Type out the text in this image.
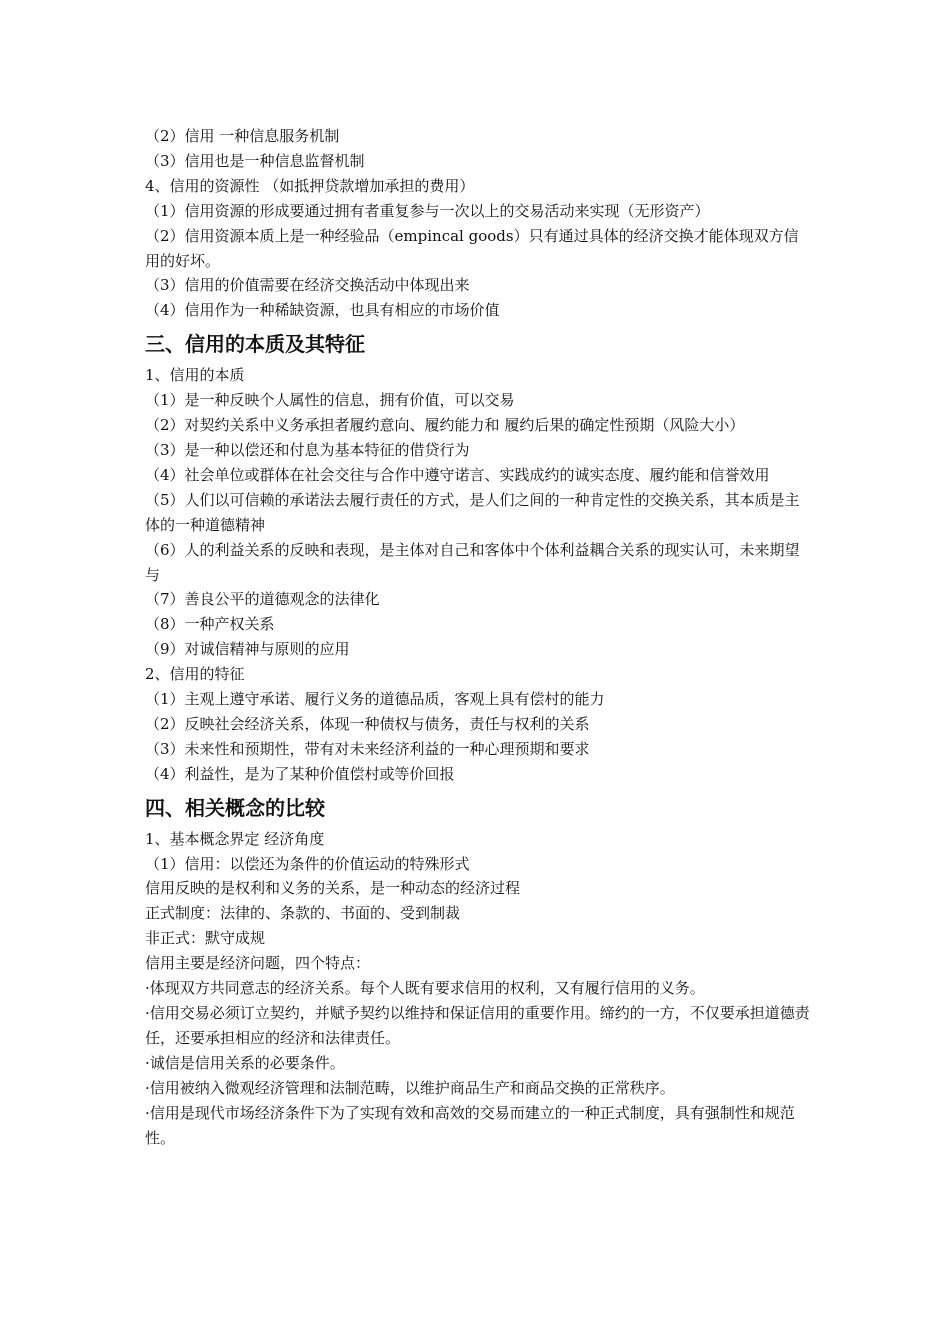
（2）信用 一种信息服务机制

（3）信用也是一种信息监督机制

4、信用的资源性 （如抵押贷款增加承担的费用）

（1）信用资源的形成要通过拥有者重复参与一次以上的交易活动来实现（无形资产）

（2）信用资源本质上是一种经验品（empincal goods）只有通过具体的经济交换才能体现双方信用的好坏。

（3）信用的价值需要在经济交换活动中体现出来

（4）信用作为一种稀缺资源，也具有相应的市场价值

三、信用的本质及其特征

1、信用的本质

（1）是一种反映个人属性的信息，拥有价值，可以交易

（2）对契约关系中义务承担者履约意向、履约能力和 履约后果的确定性预期（风险大小）

（3）是一种以偿还和付息为基本特征的借贷行为

（4）社会单位或群体在社会交往与合作中遵守诺言、实践成约的诚实态度、履约能和信誉效用

（5）人们以可信赖的承诺法去履行责任的方式，是人们之间的一种肯定性的交换关系，其本质是主体的一种道德精神

（6）人的利益关系的反映和表现，是主体对自己和客体中个体利益耦合关系的现实认可，未来期望与

（7）善良公平的道德观念的法律化

（8）一种产权关系

（9）对诚信精神与原则的应用

2、信用的特征

（1）主观上遵守承诺、履行义务的道德品质，客观上具有偿村的能力

（2）反映社会经济关系，体现一种债权与债务，责任与权利的关系

（3）未来性和预期性，带有对未来经济利益的一种心理预期和要求

（4）利益性，是为了某种价值偿村或等价回报

四、相关概念的比较

1、基本概念界定 经济角度

（1）信用：以偿还为条件的价值运动的特殊形式

信用反映的是权利和义务的关系，是一种动态的经济过程

正式制度：法律的、条款的、书面的、受到制裁

非正式：默守成规

信用主要是经济问题，四个特点：

·体现双方共同意志的经济关系。每个人既有要求信用的权利，又有履行信用的义务。

·信用交易必须订立契约，并赋予契约以维持和保证信用的重要作用。缔约的一方，不仅要承担道德责任，还要承担相应的经济和法律责任。

·诚信是信用关系的必要条件。

·信用被纳入微观经济管理和法制范畴，以维护商品生产和商品交换的正常秩序。

·信用是现代市场经济条件下为了实现有效和高效的交易而建立的一种正式制度，具有强制性和规范性。
